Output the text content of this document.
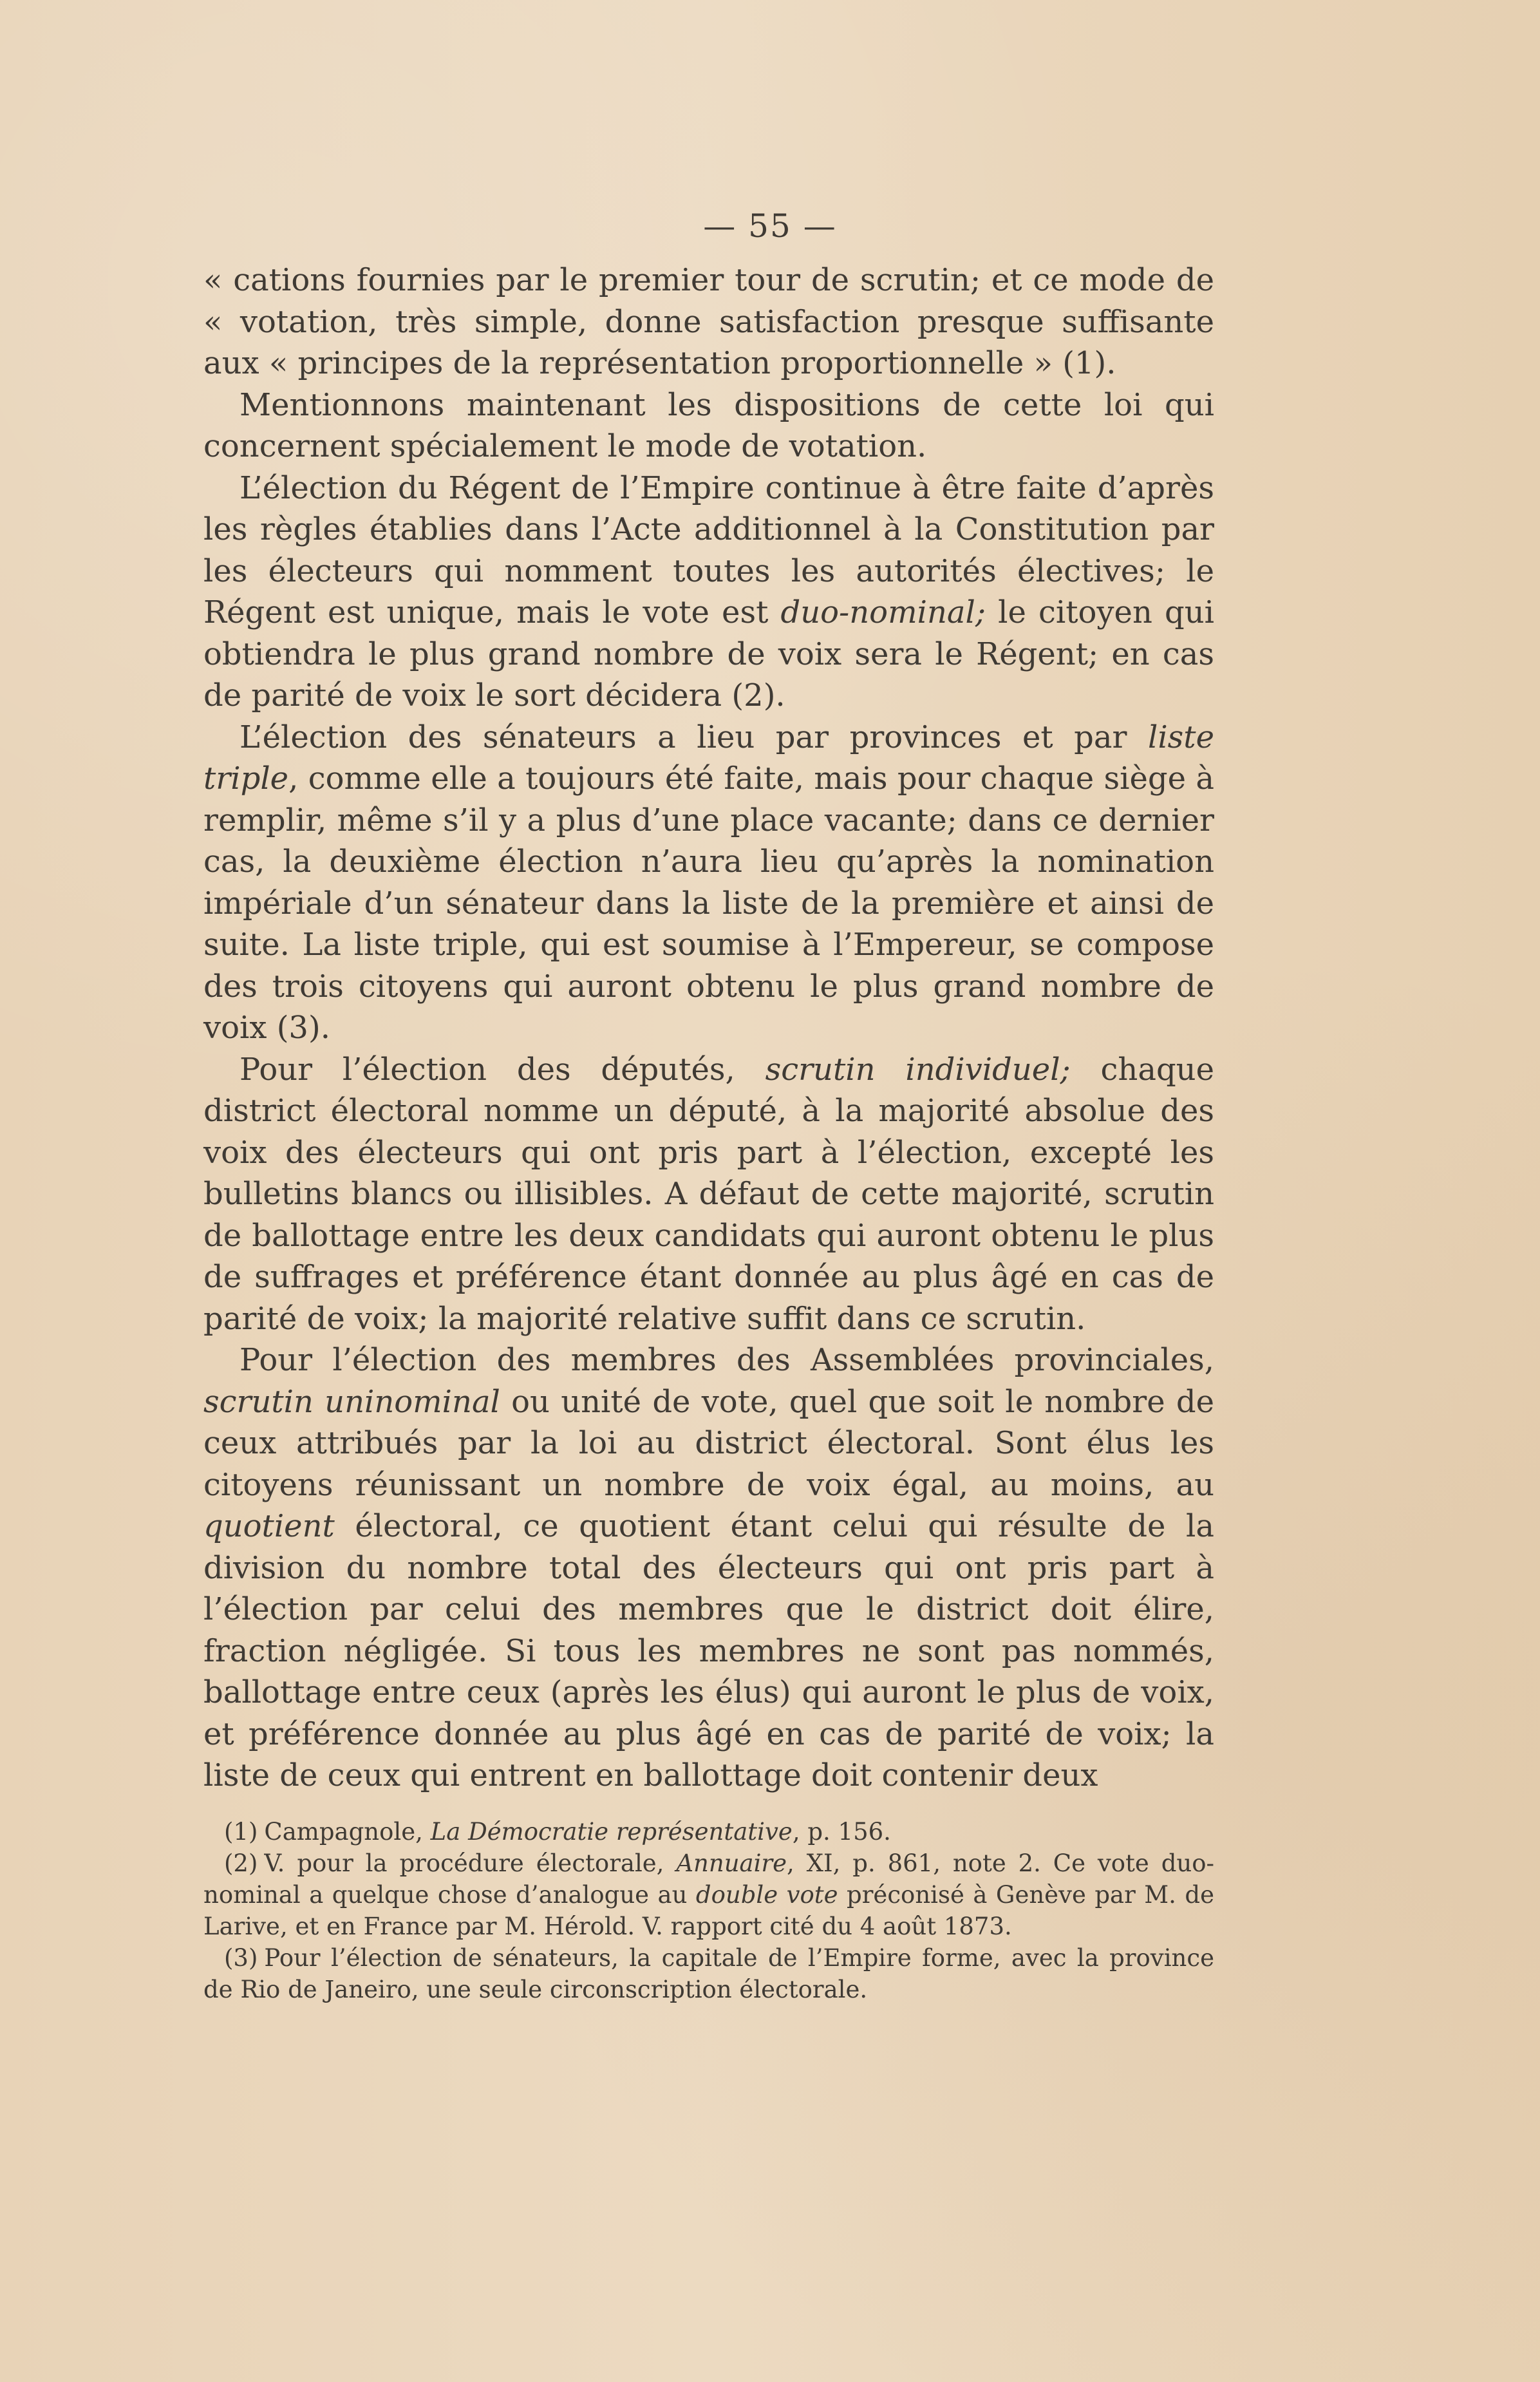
— 55 —

« cations fournies par le premier tour de scrutin; et ce mode de « votation, très simple, donne satisfaction presque suffisante aux « principes de la représentation proportionnelle » (1).

Mentionnons maintenant les dispositions de cette loi qui concernent spécialement le mode de votation.

L’élection du Régent de l’Empire continue à être faite d’après les règles établies dans l’Acte additionnel à la Constitution par les électeurs qui nomment toutes les autorités électives; le Régent est unique, mais le vote est duo-nominal; le citoyen qui obtiendra le plus grand nombre de voix sera le Régent; en cas de parité de voix le sort décidera (2).

L’élection des sénateurs a lieu par provinces et par liste triple, comme elle a toujours été faite, mais pour chaque siège à remplir, même s’il y a plus d’une place vacante; dans ce dernier cas, la deuxième élection n’aura lieu qu’après la nomination impériale d’un sénateur dans la liste de la première et ainsi de suite. La liste triple, qui est soumise à l’Empereur, se compose des trois citoyens qui auront obtenu le plus grand nombre de voix (3).

Pour l’élection des députés, scrutin individuel; chaque district électoral nomme un député, à la majorité absolue des voix des électeurs qui ont pris part à l’élection, excepté les bulletins blancs ou illisibles. A défaut de cette majorité, scrutin de ballottage entre les deux candidats qui auront obtenu le plus de suffrages et préférence étant donnée au plus âgé en cas de parité de voix; la majorité relative suffit dans ce scrutin.

Pour l’élection des membres des Assemblées provinciales, scrutin uninominal ou unité de vote, quel que soit le nombre de ceux attribués par la loi au district électoral. Sont élus les citoyens réunissant un nombre de voix égal, au moins, au quotient électoral, ce quotient étant celui qui résulte de la division du nombre total des électeurs qui ont pris part à l’élection par celui des membres que le district doit élire, fraction négligée. Si tous les membres ne sont pas nommés, ballottage entre ceux (après les élus) qui auront le plus de voix, et préférence donnée au plus âgé en cas de parité de voix; la liste de ceux qui entrent en ballottage doit contenir deux

(1) Campagnole, La Démocratie représentative, p. 156.

(2) V. pour la procédure électorale, Annuaire, XI, p. 861, note 2. Ce vote duo-nominal a quelque chose d’analogue au double vote préconisé à Genève par M. de Larive, et en France par M. Hérold. V. rapport cité du 4 août 1873.

(3) Pour l’élection de sénateurs, la capitale de l’Empire forme, avec la province de Rio de Janeiro, une seule circonscription électorale.
